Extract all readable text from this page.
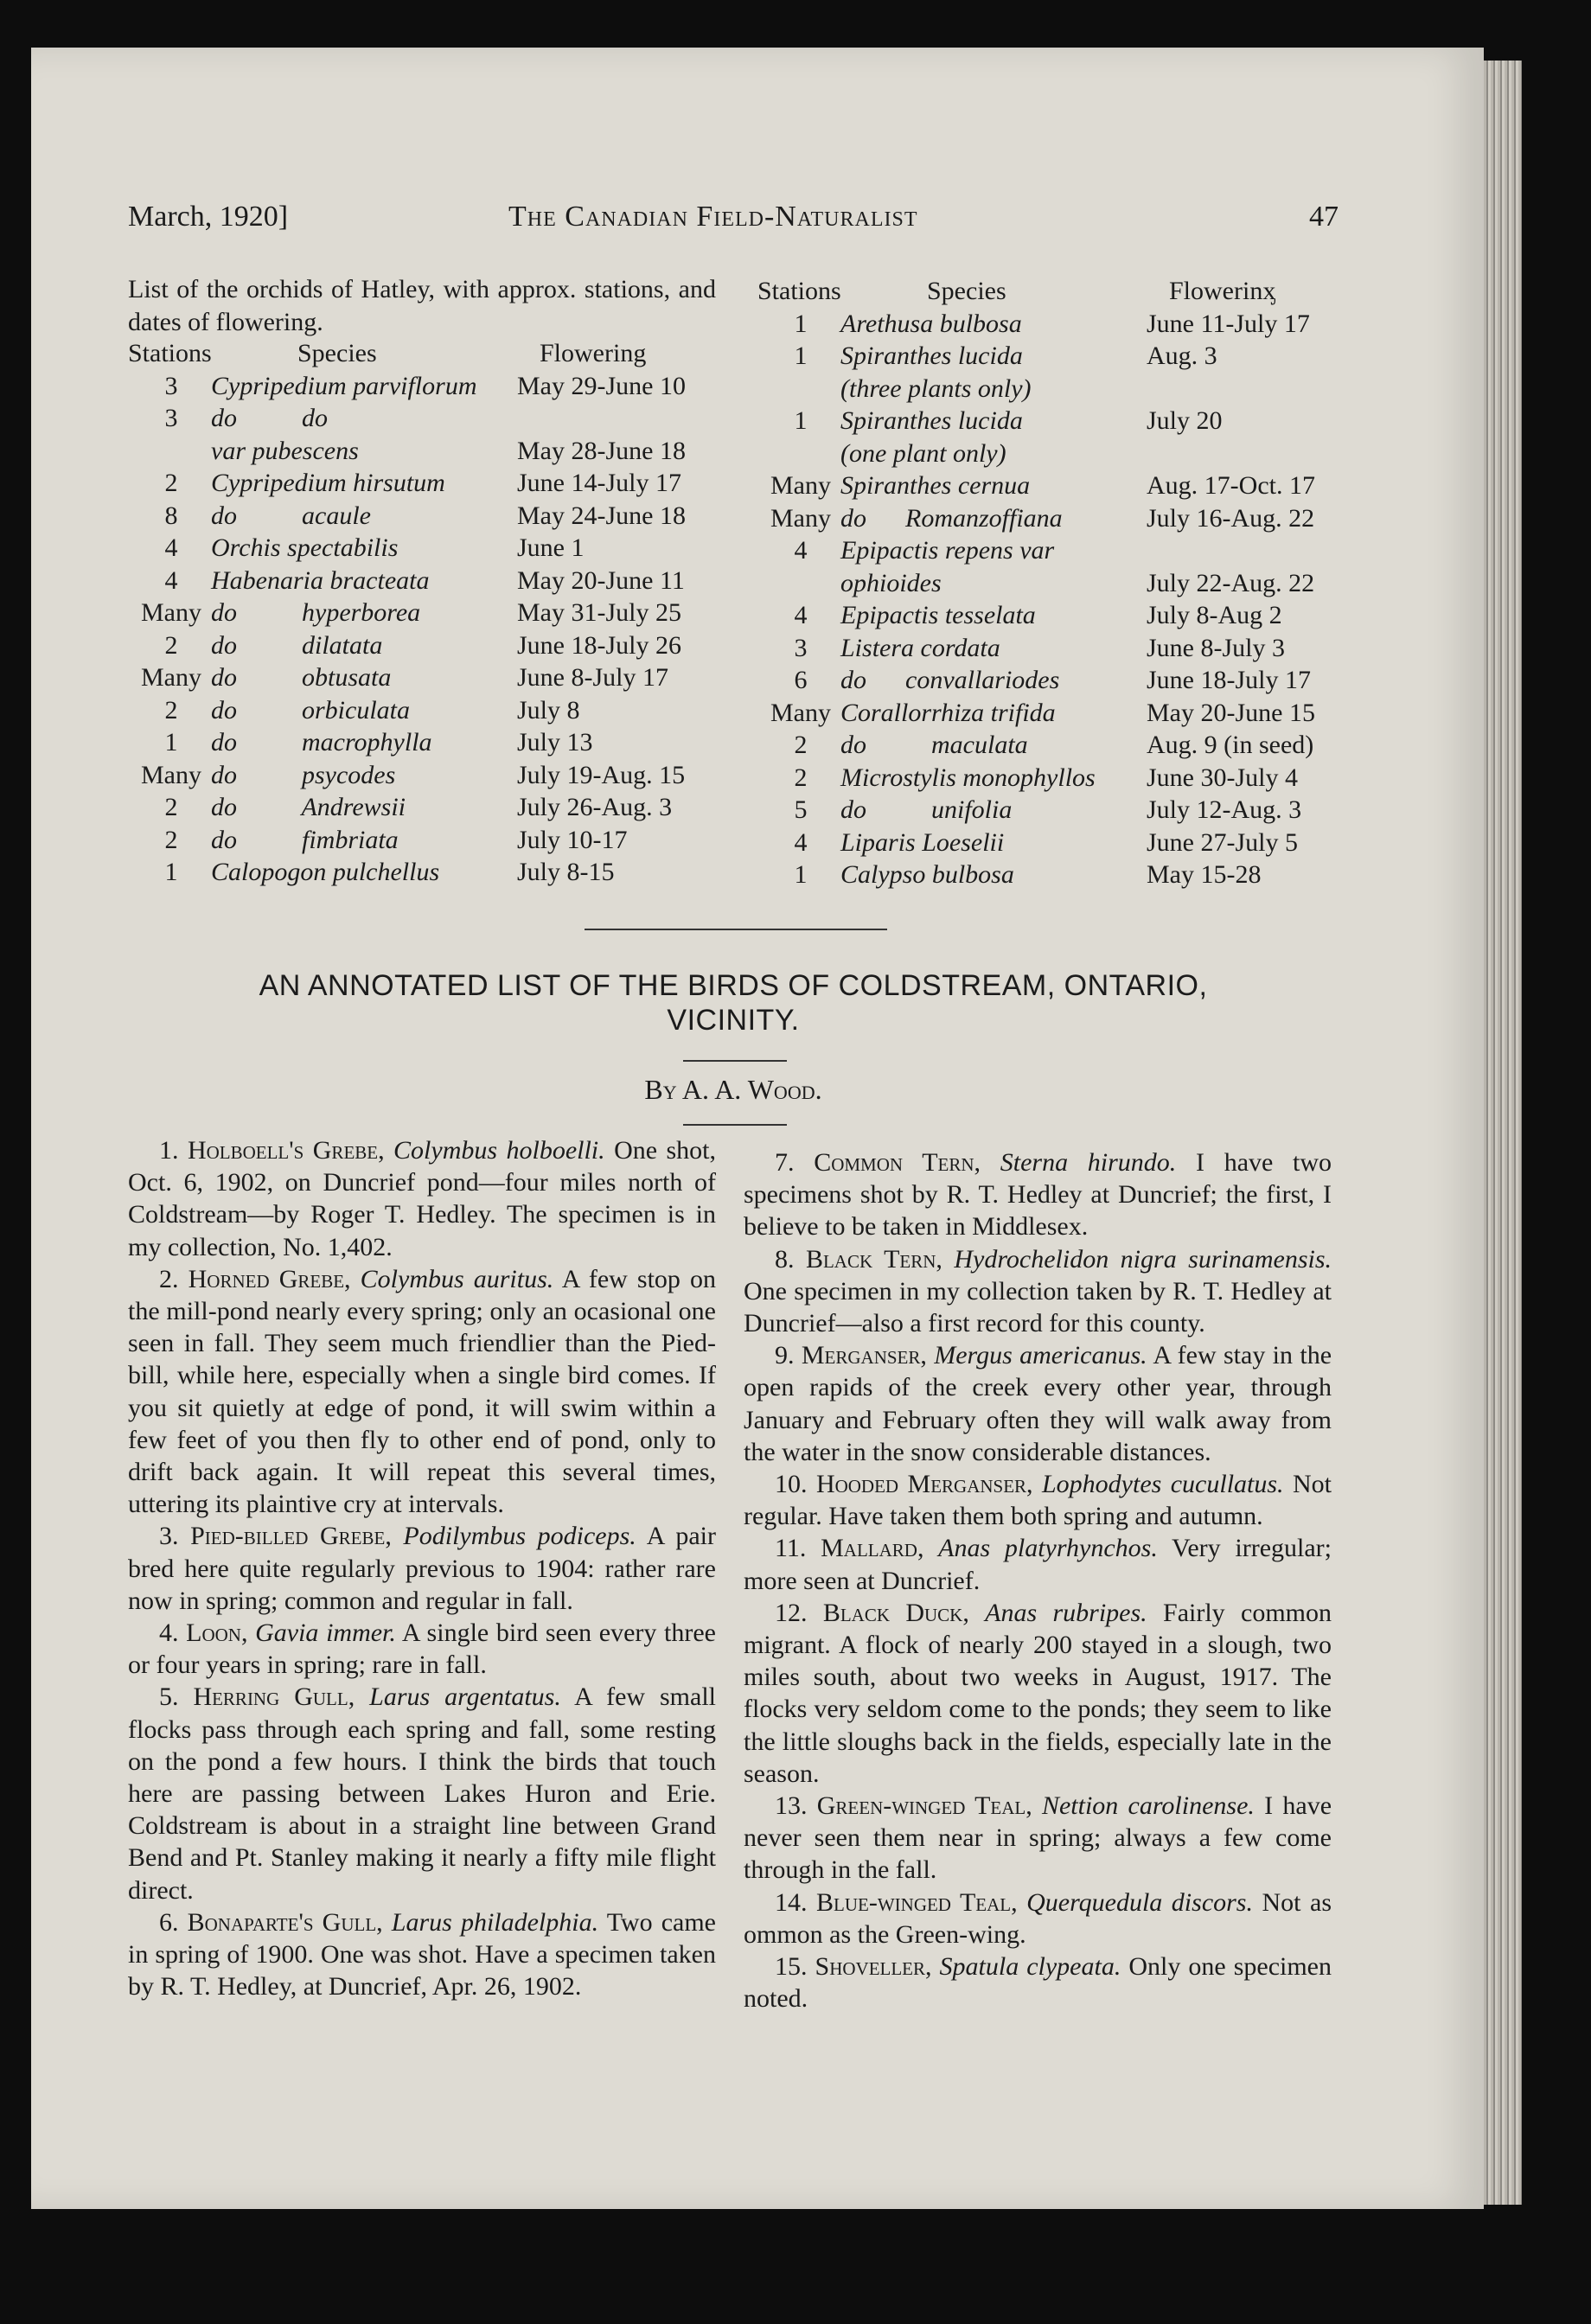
March, 1920]	The Canadian Field-Naturalist	47
List of the orchids of Hatley, with approx. stations, and dates of flowering.
Stations	Species	Flowering
3	Cypripedium parviflorum May 29-June 10
3	do          do
var pubescens	May 28-June 18
2	Cypripedium hirsutum	June 14-July 17
8	do          acaule	May 24-June 18
4	Orchis spectabilis	June 1
4	Habenaria bracteata	May 20-June 11
Many do          hyperborea	May 31-July 25
2	do          dilatata	June 18-July 26
Many do          obtusata	June 8-July 17
2	do          orbiculata	July 8
1	do          macrophylla	July 13
Many do          psycodes	July 19-Aug. 15
2	do          Andrewsii	July 26-Aug. 3
2	do          fimbriata	July 10-17
1	Calopogon pulchellus	July 8-15
Stations	Species	Flowerinᶍ
1	Arethusa bulbosa	June 11-July 17
1	Spiranthes lucida	Aug. 3
(three plants only)
1	Spiranthes lucida	July 20
(one plant only)
Many Spiranthes cernua	Aug. 17-Oct. 17
Many do      Romanzoffiana	July 16-Aug. 22
4	Epipactis repens var
ophioides	July 22-Aug. 22
4	Epipactis tesselata	July 8-Aug 2
3	Listera cordata	June 8-July 3
6	do      convallariodes	June 18-July 17
Many Corallorrhiza trifida	May 20-June 15
2	do          maculata	Aug. 9 (in seed)
2	Microstylis monophyllos June 30-July 4
5	do          unifolia	July 12-Aug. 3
4	Liparis Loeselii	June 27-July 5
1	Calypso bulbosa	May 15-28
AN ANNOTATED LIST OF THE BIRDS OF COLDSTREAM, ONTARIO,
VICINITY.
By A. A. Wood.

1. Holboell's Grebe, Colymbus holboelli. One shot, Oct. 6, 1902, on Duncrief pond—four miles north of Coldstream—by Roger T. Hedley. The specimen is in my collection, No. 1,402.

2. Horned Grebe, Colymbus auritus. A few stop on the mill-pond nearly every spring; only an ocasional one seen in fall. They seem much friendlier than the Pied-bill, while here, especially when a single bird comes. If you sit quietly at edge of pond, it will swim within a few feet of you then fly to other end of pond, only to drift back again. It will repeat this several times, uttering its plaintive cry at intervals.

3. Pied-billed Grebe, Podilymbus podiceps. A pair bred here quite regularly previous to 1904: rather rare now in spring; common and regular in fall.

4. Loon, Gavia immer. A single bird seen every three or four years in spring; rare in fall.

5. Herring Gull, Larus argentatus. A few small flocks pass through each spring and fall, some resting on the pond a few hours. I think the birds that touch here are passing between Lakes Huron and Erie. Coldstream is about in a straight line between Grand Bend and Pt. Stanley making it nearly a fifty mile flight direct.

6. Bonaparte's Gull, Larus philadelphia. Two came in spring of 1900. One was shot. Have a specimen taken by R. T. Hedley, at Duncrief, Apr. 26, 1902.

7. Common Tern, Sterna hirundo. I have two specimens shot by R. T. Hedley at Duncrief; the first, I believe to be taken in Middlesex.

8. Black Tern, Hydrochelidon nigra surinamensis. One specimen in my collection taken by R. T. Hedley at Duncrief—also a first record for this county.

9. Merganser, Mergus americanus. A few stay in the open rapids of the creek every other year, through January and February often they will walk away from the water in the snow considerable distances.

10. Hooded Merganser, Lophodytes cucullatus. Not regular. Have taken them both spring and autumn.

11. Mallard, Anas platyrhynchos. Very irregular; more seen at Duncrief.

12. Black Duck, Anas rubripes. Fairly common migrant. A flock of nearly 200 stayed in a slough, two miles south, about two weeks in August, 1917. The flocks very seldom come to the ponds; they seem to like the little sloughs back in the fields, especially late in the season.

13. Green-winged Teal, Nettion carolinense. I have never seen them near in spring; always a few come through in the fall.

14. Blue-winged Teal, Querquedula discors. Not as ommon as the Green-wing.

15. Shoveller, Spatula clypeata. Only one specimen noted.
